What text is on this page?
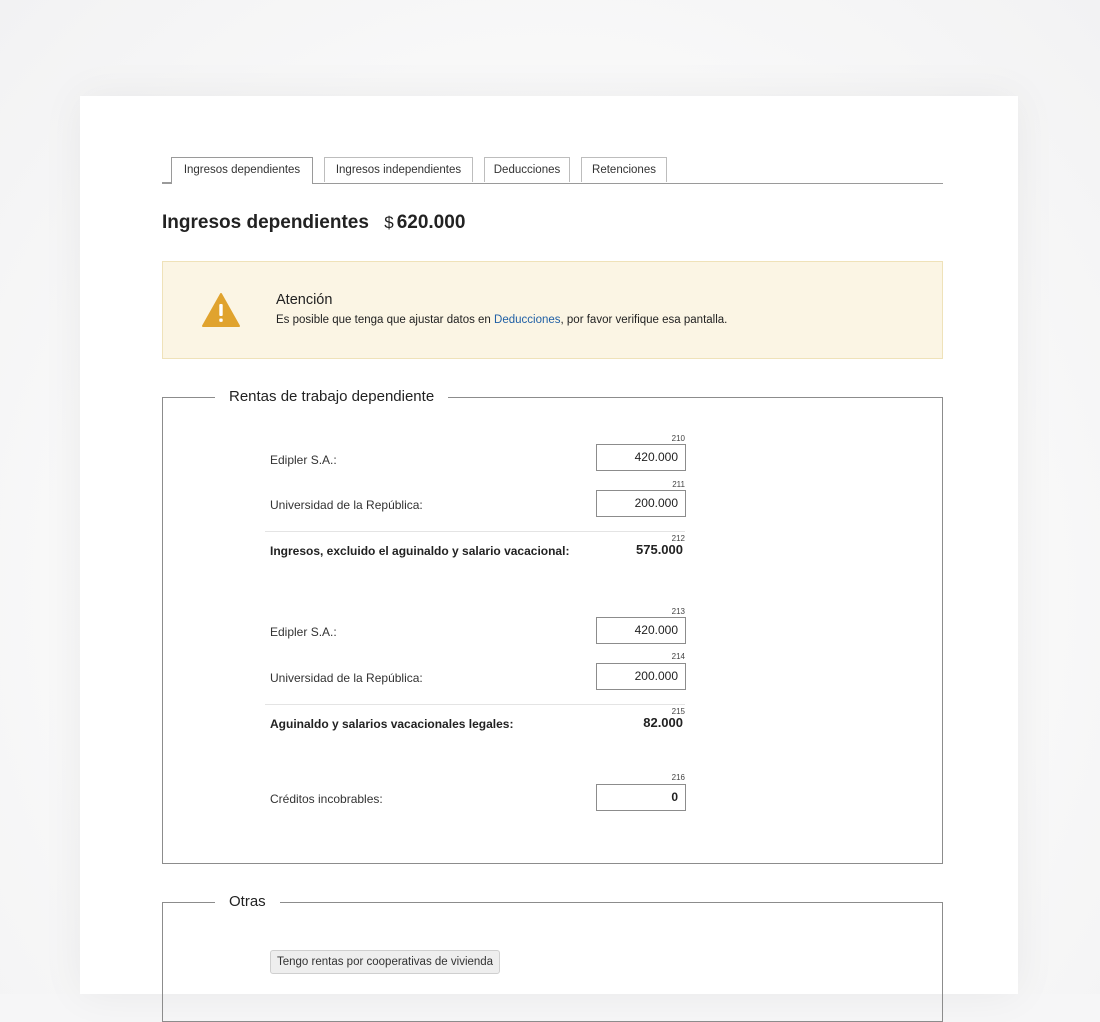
Ingresos dependientes	Ingresos independientes	Deducciones	Retenciones
Ingresos dependientes $ 620.000
Atención
Es posible que tenga que ajustar datos en Deducciones, por favor verifique esa pantalla.
Rentas de trabajo dependiente
210
Edipler S.A.:	420.000
211
Universidad de la República:	200.000
212
Ingresos, excluido el aguinaldo y salario vacacional:	575.000
213
Edipler S.A.:	420.000
214
Universidad de la República:	200.000
215
Aguinaldo y salarios vacacionales legales:	82.000
216
Créditos incobrables:	0
Otras
Tengo rentas por cooperativas de vivienda
